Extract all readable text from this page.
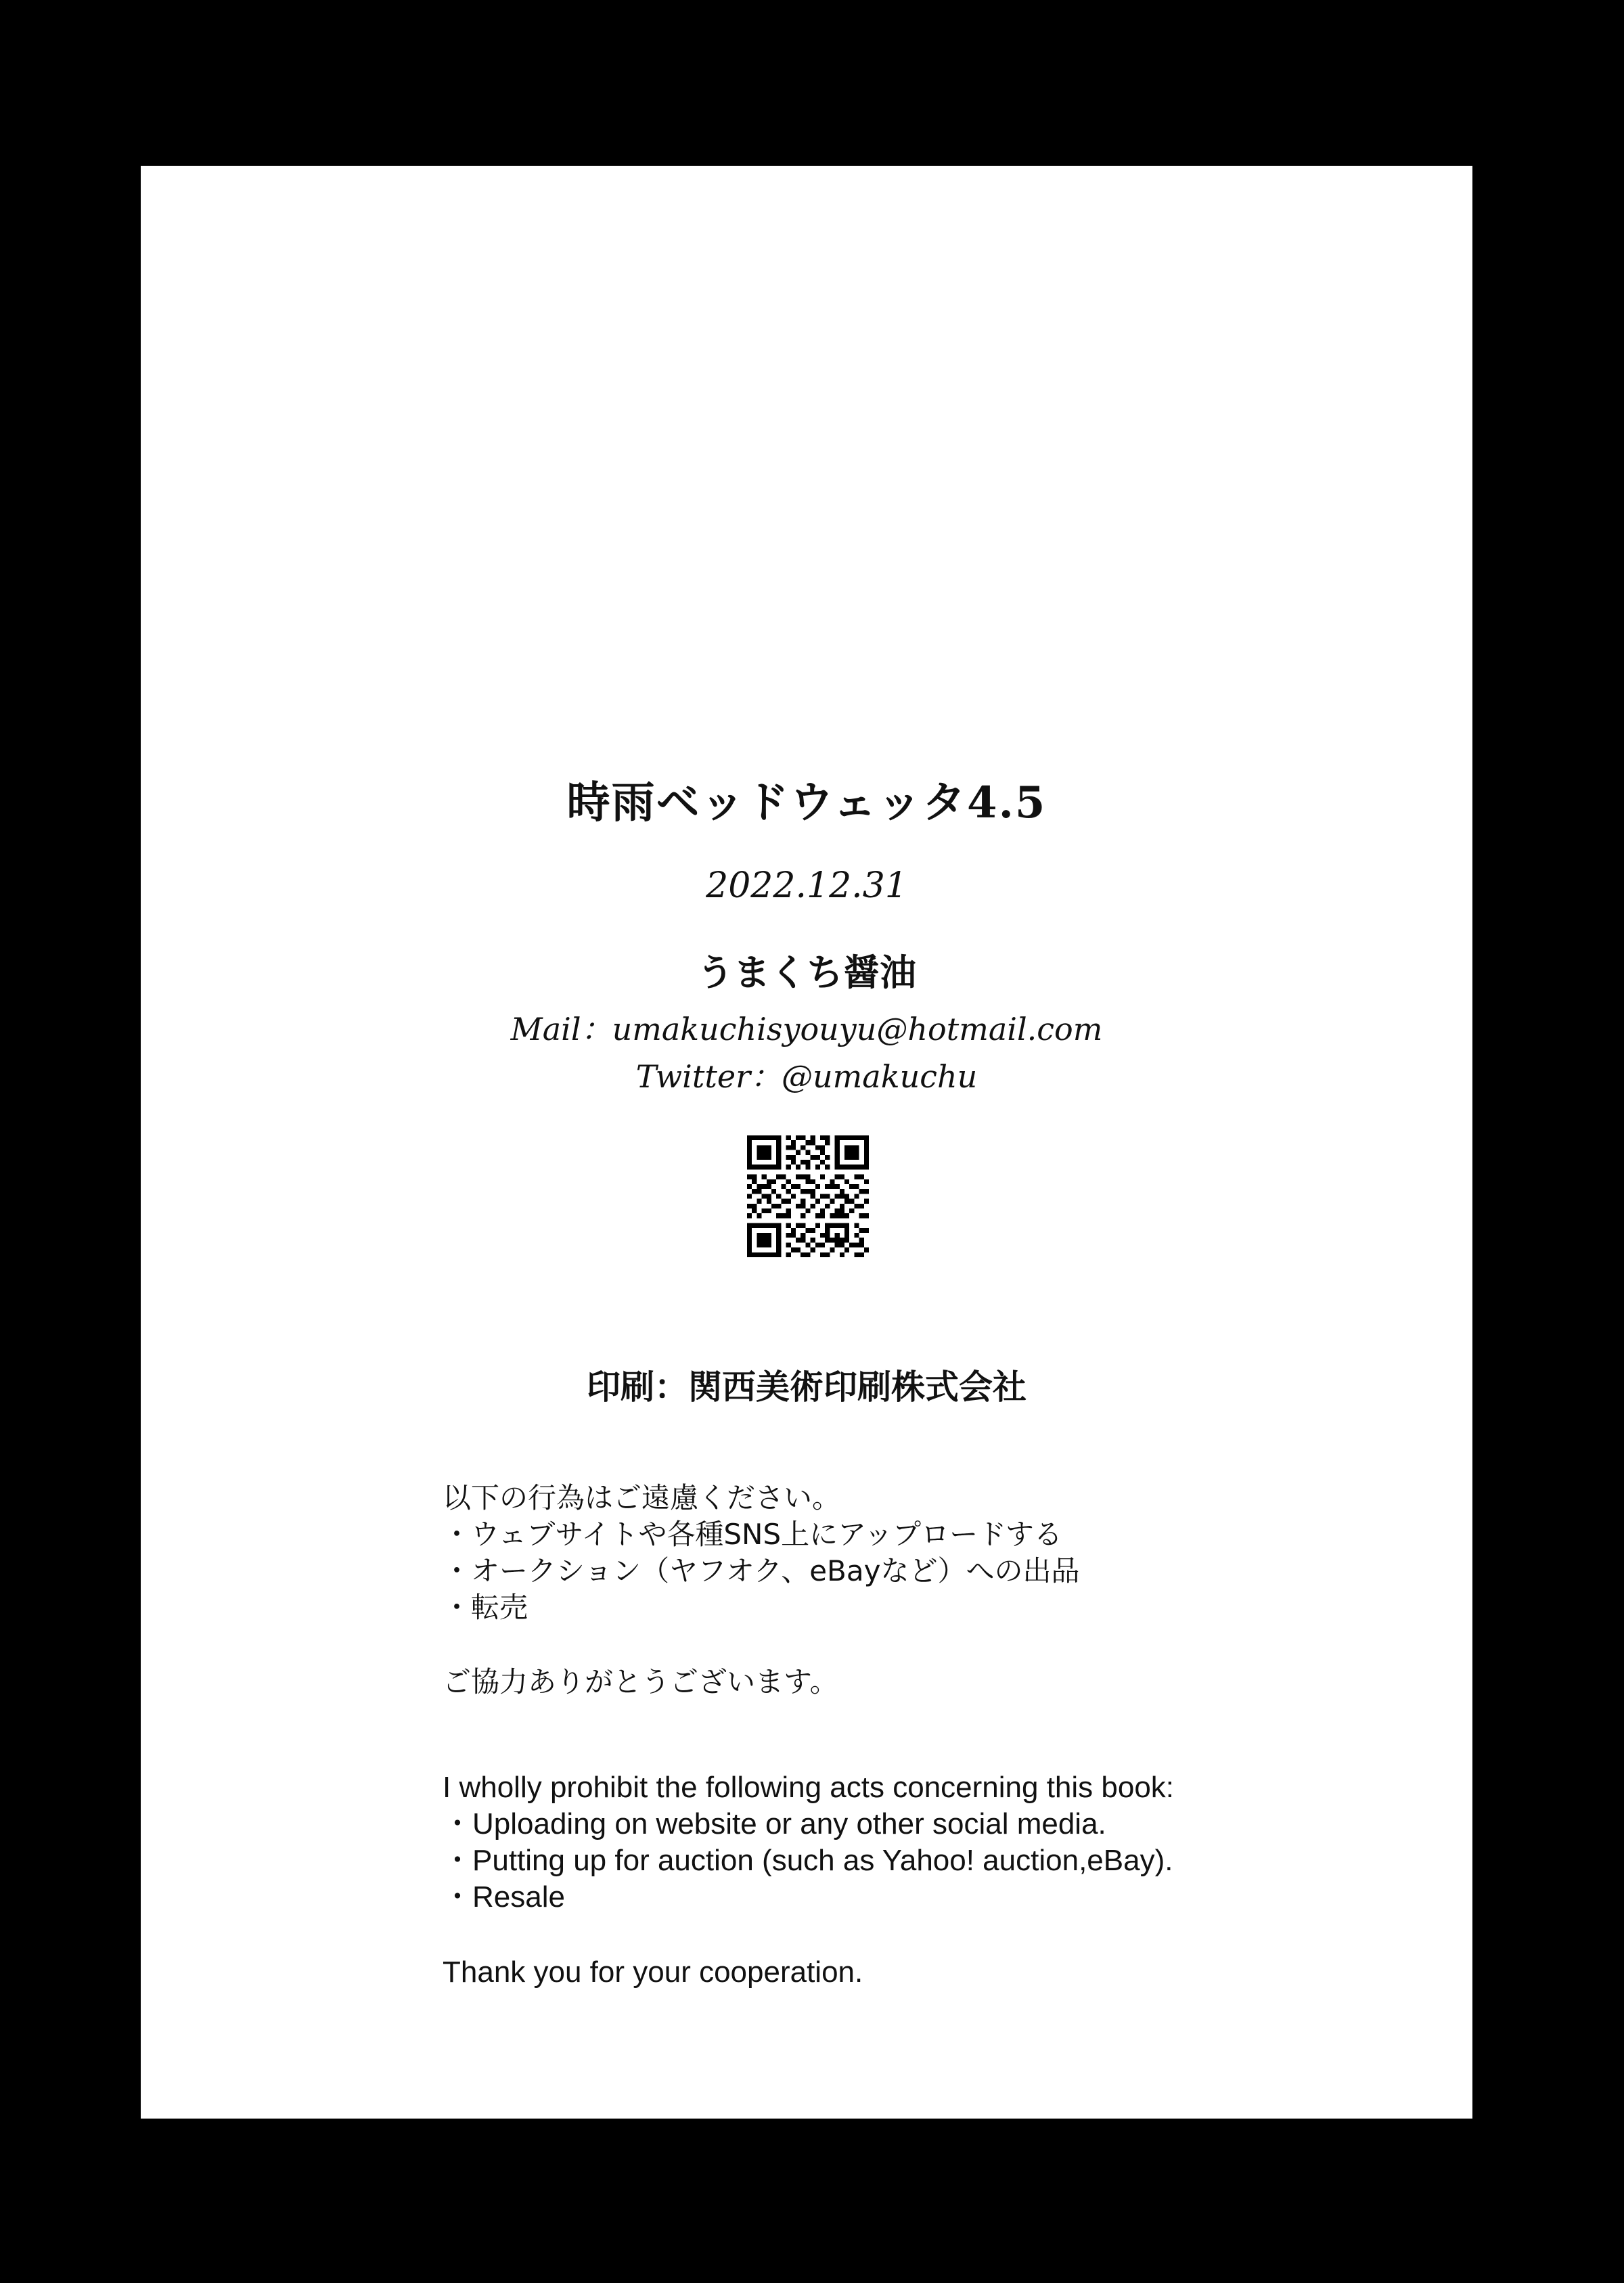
時雨ベッドウェッタ4.5
2022.12.31
うまくち醤油
Mail：umakuchisyouyu@hotmail.com
Twitter：@umakuchu
印刷：関西美術印刷株式会社
以下の行為はご遠慮ください。
・ウェブサイトや各種SNS上にアップロードする
・オークション（ヤフオク、eBayなど）への出品
・転売
ご協力ありがとうございます。
I wholly prohibit the following acts concerning this book:
・Uploading on website or any other social media.
・Putting up for auction (such as Yahoo! auction,eBay).
・Resale
Thank you for your cooperation.
